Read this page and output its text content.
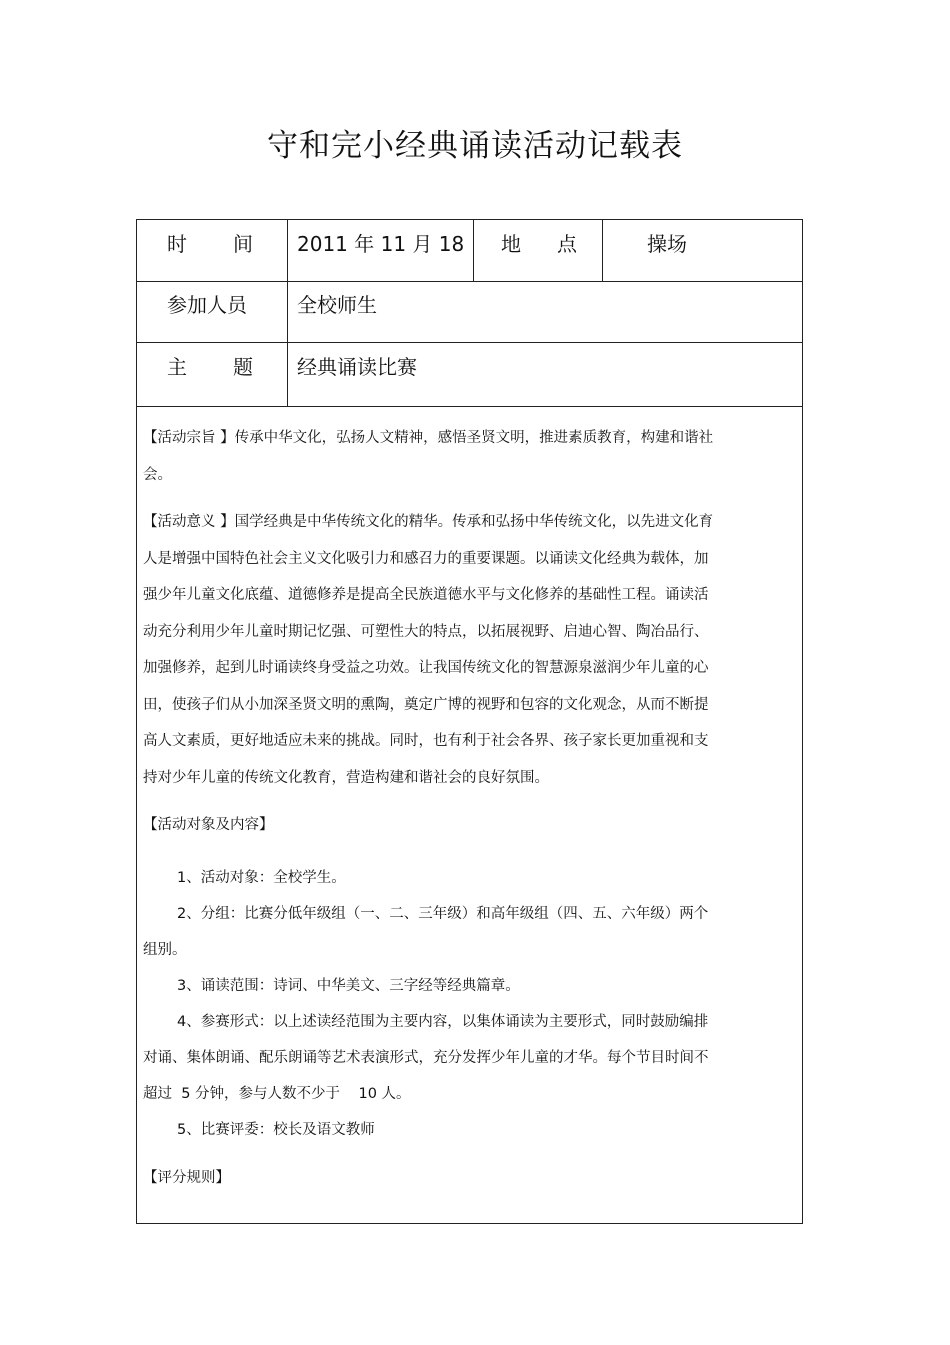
守和完小经典诵读活动记载表
时 间 2011 年 11 月 18 地 点	操场
参加人员	全校师生
主 题 经典诵读比赛

【活动宗旨 】传承中华文化，弘扬人文精神，感悟圣贤文明，推进素质教育，构建和谐社

会。

【活动意义 】国学经典是中华传统文化的精华。传承和弘扬中华传统文化，以先进文化育

人是增强中国特色社会主义文化吸引力和感召力的重要课题。以诵读文化经典为载体，加

强少年儿童文化底蕴、道德修养是提高全民族道德水平与文化修养的基础性工程。诵读活

动充分利用少年儿童时期记忆强、可塑性大的特点，以拓展视野、启迪心智、陶冶品行、

加强修养，起到儿时诵读终身受益之功效。让我国传统文化的智慧源泉滋润少年儿童的心

田，使孩子们从小加深圣贤文明的熏陶，奠定广博的视野和包容的文化观念，从而不断提

高人文素质，更好地适应未来的挑战。同时，也有利于社会各界、孩子家长更加重视和支

持对少年儿童的传统文化教育，营造构建和谐社会的良好氛围。

【活动对象及内容】

1、活动对象：全校学生。

2、分组：比赛分低年级组（一、二、三年级）和高年级组（四、五、六年级）两个

组别。

3、诵读范围：诗词、中华美文、三字经等经典篇章。

4、参赛形式：以上述读经范围为主要内容，以集体诵读为主要形式，同时鼓励编排

对诵、集体朗诵、配乐朗诵等艺术表演形式，充分发挥少年儿童的才华。每个节目时间不

超过  5 分钟，参与人数不少于    10 人。

5、比赛评委：校长及语文教师

【评分规则】
